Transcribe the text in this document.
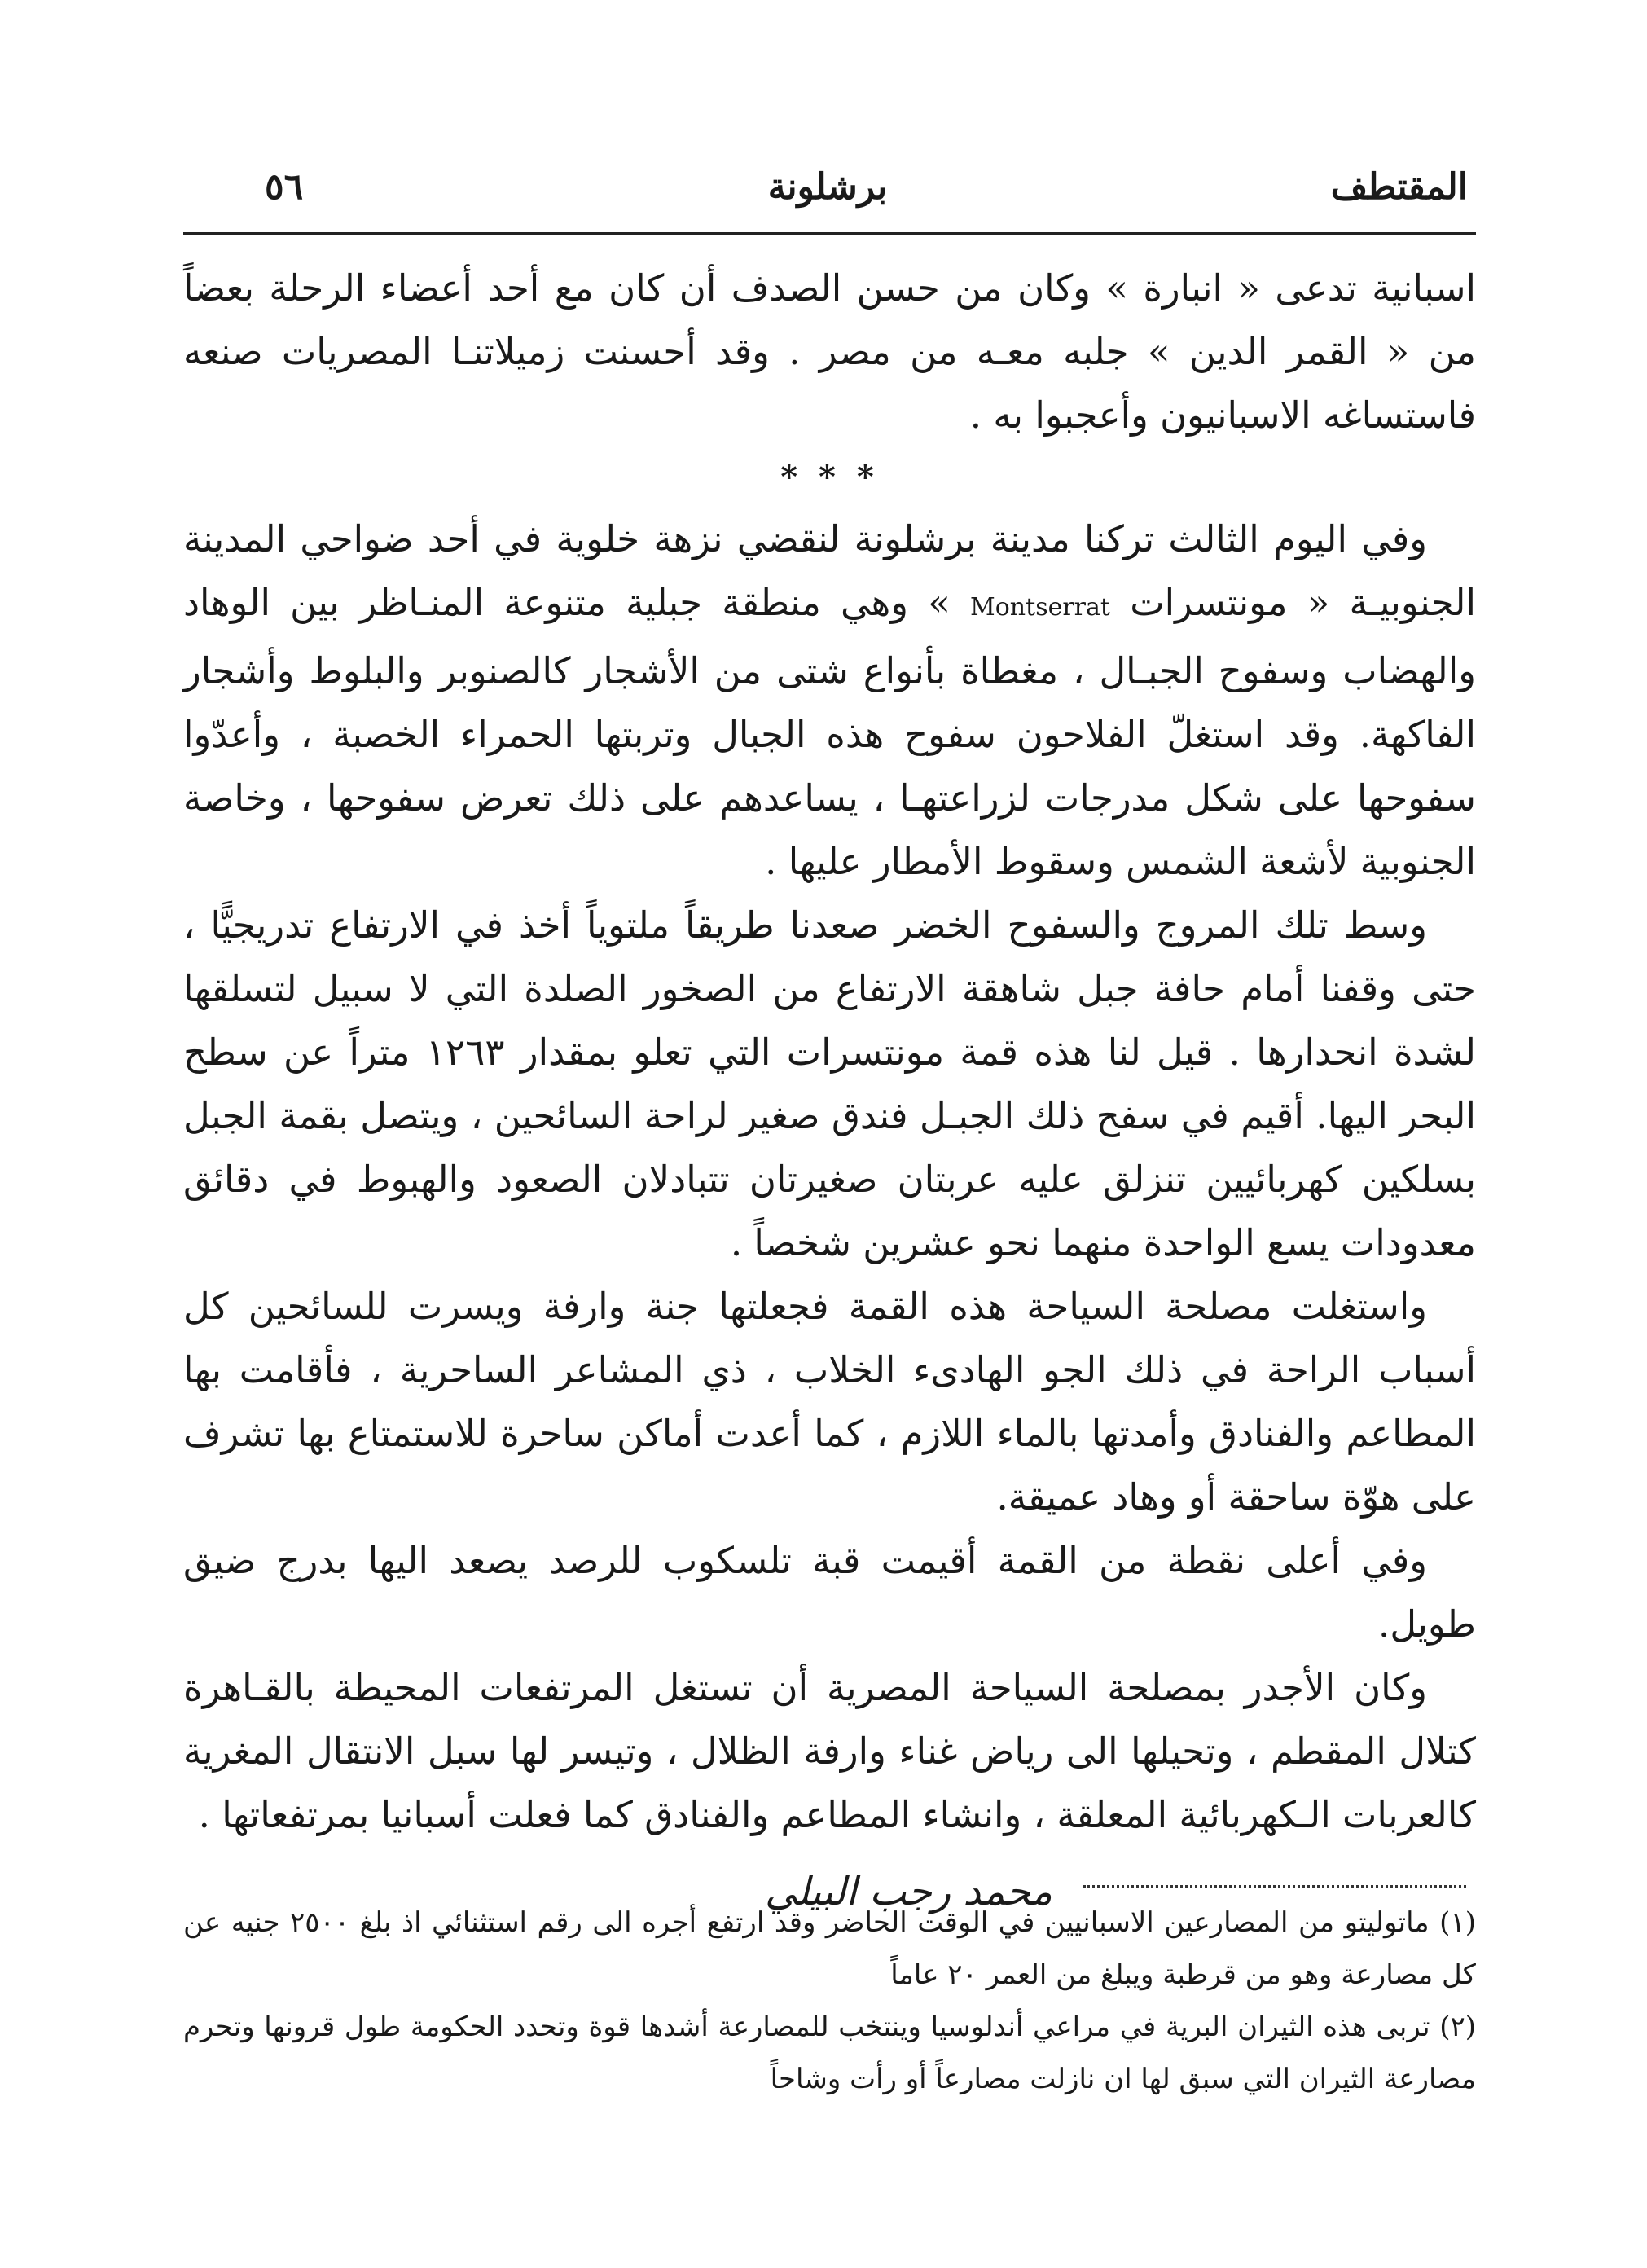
٥٦	برشلونة	المقتطف

اسبانية تدعى « انبارة » وكان من حسن الصدف أن كان مع أحد أعضاء الرحلة بعضاً من « القمر الدين » جلبه معـه من مصر . وقد أحسنت زميلاتنـا المصريات صنعه فاستساغه الاسبانيون وأعجبوا به .

* * *

وفي اليوم الثالث تركنا مدينة برشلونة لنقضي نزهة خلوية في أحد ضواحي المدينة الجنوبيـة « مونتسرات Montserrat » وهي منطقة جبلية متنوعة المنـاظر بين الوهاد والهضاب وسفوح الجبـال ، مغطاة بأنواع شتى من الأشجار كالصنوبر والبلوط وأشجار الفاكهة. وقد استغلّ الفلاحون سفوح هذه الجبال وتربتها الحمراء الخصبة ، وأعدّوا سفوحها على شكل مدرجات لزراعتهـا ، يساعدهم على ذلك تعرض سفوحها ، وخاصة الجنوبية لأشعة الشمس وسقوط الأمطار عليها .

وسط تلك المروج والسفوح الخضر صعدنا طريقاً ملتوياً أخذ في الارتفاع تدريجيًّا ، حتى وقفنا أمام حافة جبل شاهقة الارتفاع من الصخور الصلدة التي لا سبيل لتسلقها لشدة انحدارها . قيل لنا هذه قمة مونتسرات التي تعلو بمقدار ١٢٦٣ متراً عن سطح البحر اليها. أقيم في سفح ذلك الجبـل فندق صغير لراحة السائحين ، ويتصل بقمة الجبل بسلكين كهربائيين تنزلق عليه عربتان صغيرتان تتبادلان الصعود والهبوط في دقائق معدودات يسع الواحدة منهما نحو عشرين شخصاً .

واستغلت مصلحة السياحة هذه القمة فجعلتها جنة وارفة ويسرت للسائحين كل أسباب الراحة في ذلك الجو الهادىء الخلاب ، ذي المشاعر الساحرية ، فأقامت بها المطاعم والفنادق وأمدتها بالماء اللازم ، كما أعدت أماكن ساحرة للاستمتاع بها تشرف على هوّة ساحقة أو وهاد عميقة.

وفي أعلى نقطة من القمة أقيمت قبة تلسكوب للرصد يصعد اليها بدرج ضيق طويل.

وكان الأجدر بمصلحة السياحة المصرية أن تستغل المرتفعات المحيطة بالقـاهرة كتلال المقطم ، وتحيلها الى رياض غناء وارفة الظلال ، وتيسر لها سبل الانتقال المغرية كالعربات الـكهربائية المعلقة ، وانشاء المطاعم والفنادق كما فعلت أسبانيا بمرتفعاتها .

محمد رجب البيلي

(١) ماتوليتو من المصارعين الاسبانيين في الوقت الحاضر وقد ارتفع أجره الى رقم استثنائي اذ بلغ ٢٥٠٠ جنيه عن كل مصارعة وهو من قرطبة ويبلغ من العمر ٢٠ عاماً

(٢) تربى هذه الثيران البرية في مراعي أندلوسيا وينتخب للمصارعة أشدها قوة وتحدد الحكومة طول قرونها وتحرم مصارعة الثيران التي سبق لها ان نازلت مصارعاً أو رأت وشاحاً
